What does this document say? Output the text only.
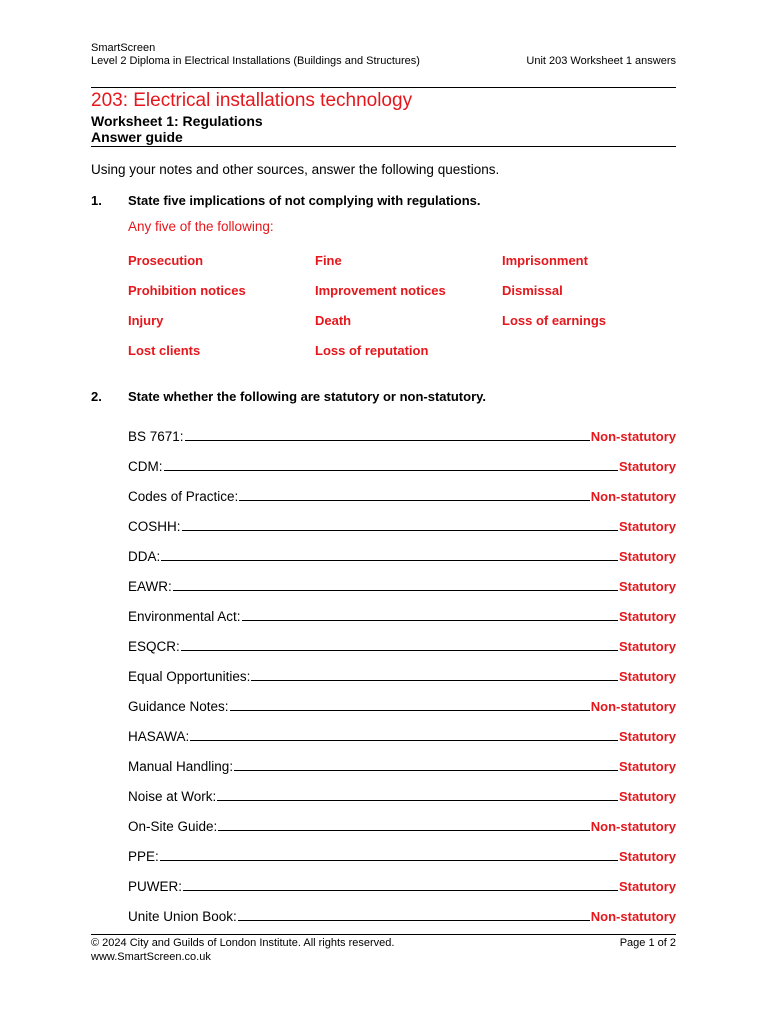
SmartScreen
Level 2 Diploma in Electrical Installations (Buildings and Structures)	Unit 203 Worksheet 1 answers
203: Electrical installations technology
Worksheet 1: Regulations
Answer guide
Using your notes and other sources, answer the following questions.
1. State five implications of not complying with regulations.
Any five of the following:
Prosecution	Fine	Imprisonment
Prohibition notices	Improvement notices	Dismissal
Injury	Death	Loss of earnings
Lost clients	Loss of reputation
2. State whether the following are statutory or non-statutory.
BS 7671:	Non-statutory
CDM:	Statutory
Codes of Practice:	Non-statutory
COSHH:	Statutory
DDA:	Statutory
EAWR:	Statutory
Environmental Act:	Statutory
ESQCR:	Statutory
Equal Opportunities:	Statutory
Guidance Notes:	Non-statutory
HASAWA:	Statutory
Manual Handling:	Statutory
Noise at Work:	Statutory
On-Site Guide:	Non-statutory
PPE:	Statutory
PUWER:	Statutory
Unite Union Book:	Non-statutory
© 2024 City and Guilds of London Institute. All rights reserved.	Page 1 of 2
www.SmartScreen.co.uk
